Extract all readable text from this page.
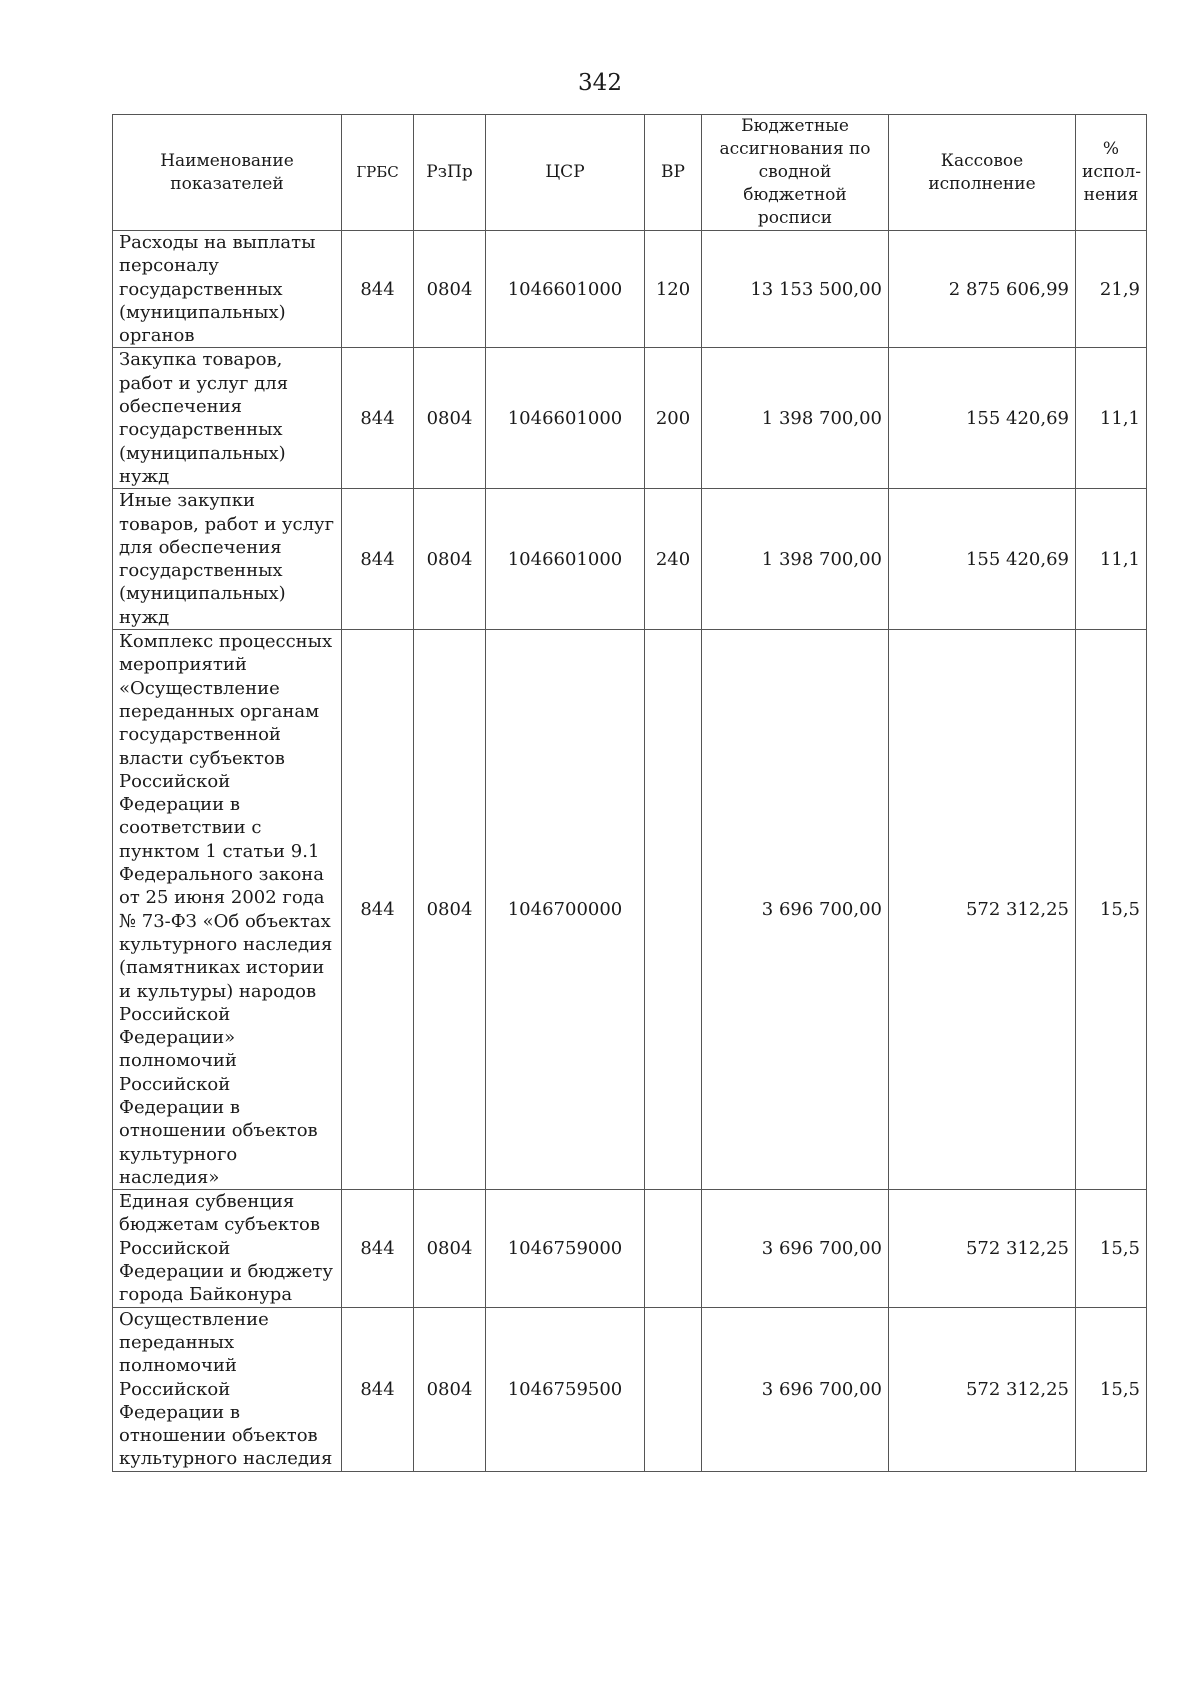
342
Наименование показателей	ГРБС	РзПр	ЦСР	ВР	Бюджетные ассигнования по сводной бюджетной росписи	Кассовое исполнение	% испол-нения
Расходы на выплаты персоналу государственных (муниципальных) органов	844	0804	1046601000	120	13 153 500,00	2 875 606,99	21,9
Закупка товаров, работ и услуг для обеспечения государственных (муниципальных) нужд	844	0804	1046601000	200	1 398 700,00	155 420,69	11,1
Иные закупки товаров, работ и услуг для обеспечения государственных (муниципальных) нужд	844	0804	1046601000	240	1 398 700,00	155 420,69	11,1
Комплекс процессных мероприятий «Осуществление переданных органам государственной власти субъектов Российской Федерации в соответствии с пунктом 1 статьи 9.1 Федерального закона от 25 июня 2002 года № 73-ФЗ «Об объектах культурного наследия (памятниках истории и культуры) народов Российской Федерации» полномочий Российской Федерации в отношении объектов культурного наследия»	844	0804	1046700000		3 696 700,00	572 312,25	15,5
Единая субвенция бюджетам субъектов Российской Федерации и бюджету города Байконура	844	0804	1046759000		3 696 700,00	572 312,25	15,5
Осуществление переданных полномочий Российской Федерации в отношении объектов культурного наследия	844	0804	1046759500		3 696 700,00	572 312,25	15,5
